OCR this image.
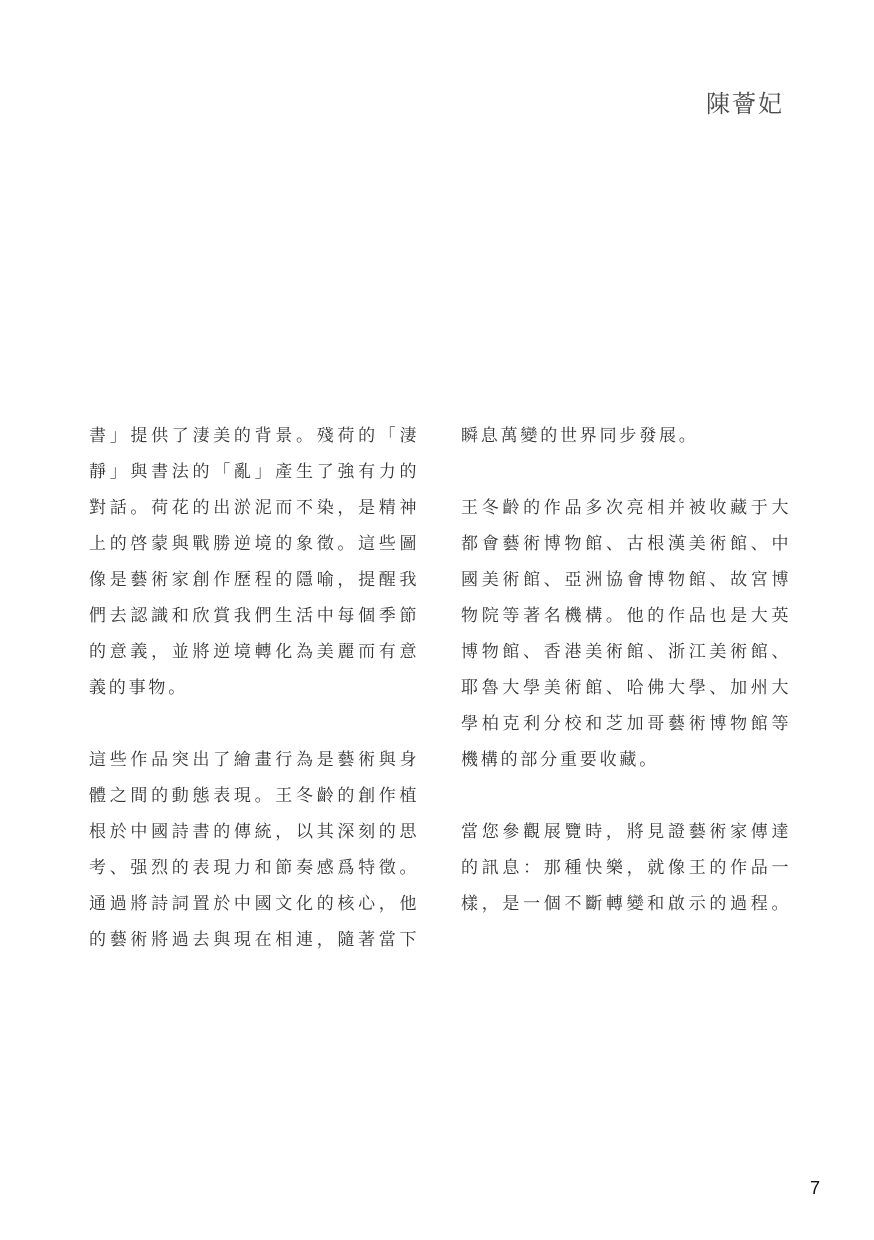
陳薈妃
書」提供了淒美的背景。殘荷的「淒
靜」與書法的「亂」產生了強有力的
對話。荷花的出淤泥而不染，是精神
上的啓蒙與戰勝逆境的象徵。這些圖
像是藝術家創作歷程的隱喻，提醒我
們去認識和欣賞我們生活中每個季節
的意義，並將逆境轉化為美麗而有意
義的事物。
這些作品突出了繪畫行為是藝術與身
體之間的動態表現。王冬齡的創作植
根於中國詩書的傳統，以其深刻的思
考、强烈的表現力和節奏感爲特徵。
通過將詩詞置於中國文化的核心，他
的藝術將過去與現在相連，隨著當下
瞬息萬變的世界同步發展。
王冬齡的作品多次亮相并被收藏于大
都會藝術博物館、古根漢美術館、中
國美術館、亞洲協會博物館、故宮博
物院等著名機構。他的作品也是大英
博物館、香港美術館、浙江美術館、
耶魯大學美術館、哈佛大學、加州大
學柏克利分校和芝加哥藝術博物館等
機構的部分重要收藏。
當您參觀展覽時，將見證藝術家傳達
的訊息：那種快樂，就像王的作品一
樣，是一個不斷轉變和啟示的過程。
7
